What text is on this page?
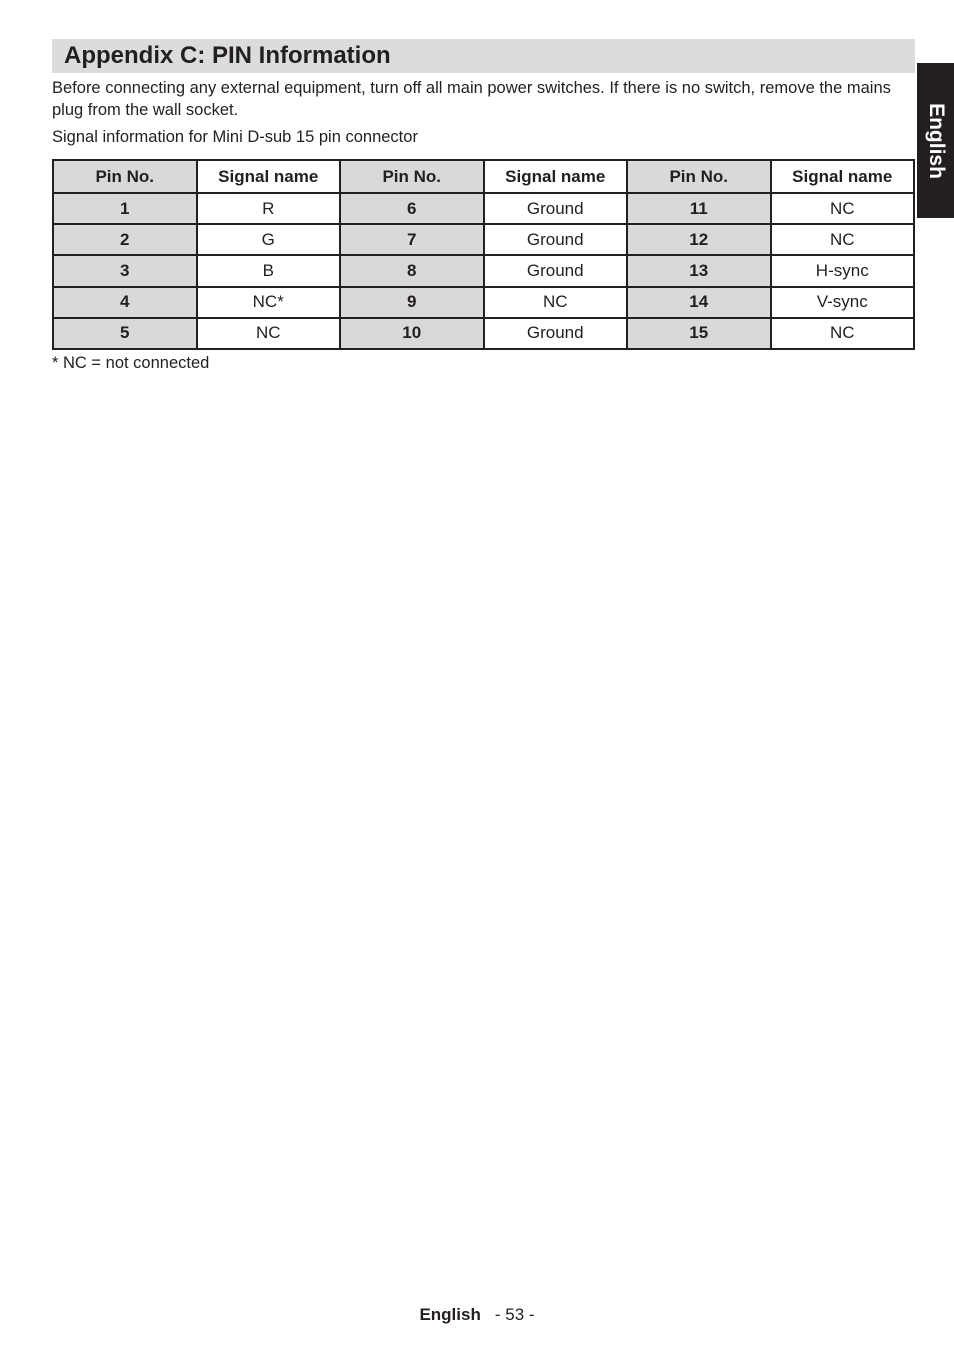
Appendix C: PIN Information
English

Before connecting any external equipment, turn off all main power switches. If there is no switch, remove the mains plug from the wall socket.

Signal information for Mini D-sub 15 pin connector

Pin No.	Signal name	Pin No.	Signal name	Pin No.	Signal name
1	R	6	Ground	11	NC
2	G	7	Ground	12	NC
3	B	8	Ground	13	H-sync
4	NC*	9	NC	14	V-sync
5	NC	10	Ground	15	NC

* NC = not connected

English - 53 -
